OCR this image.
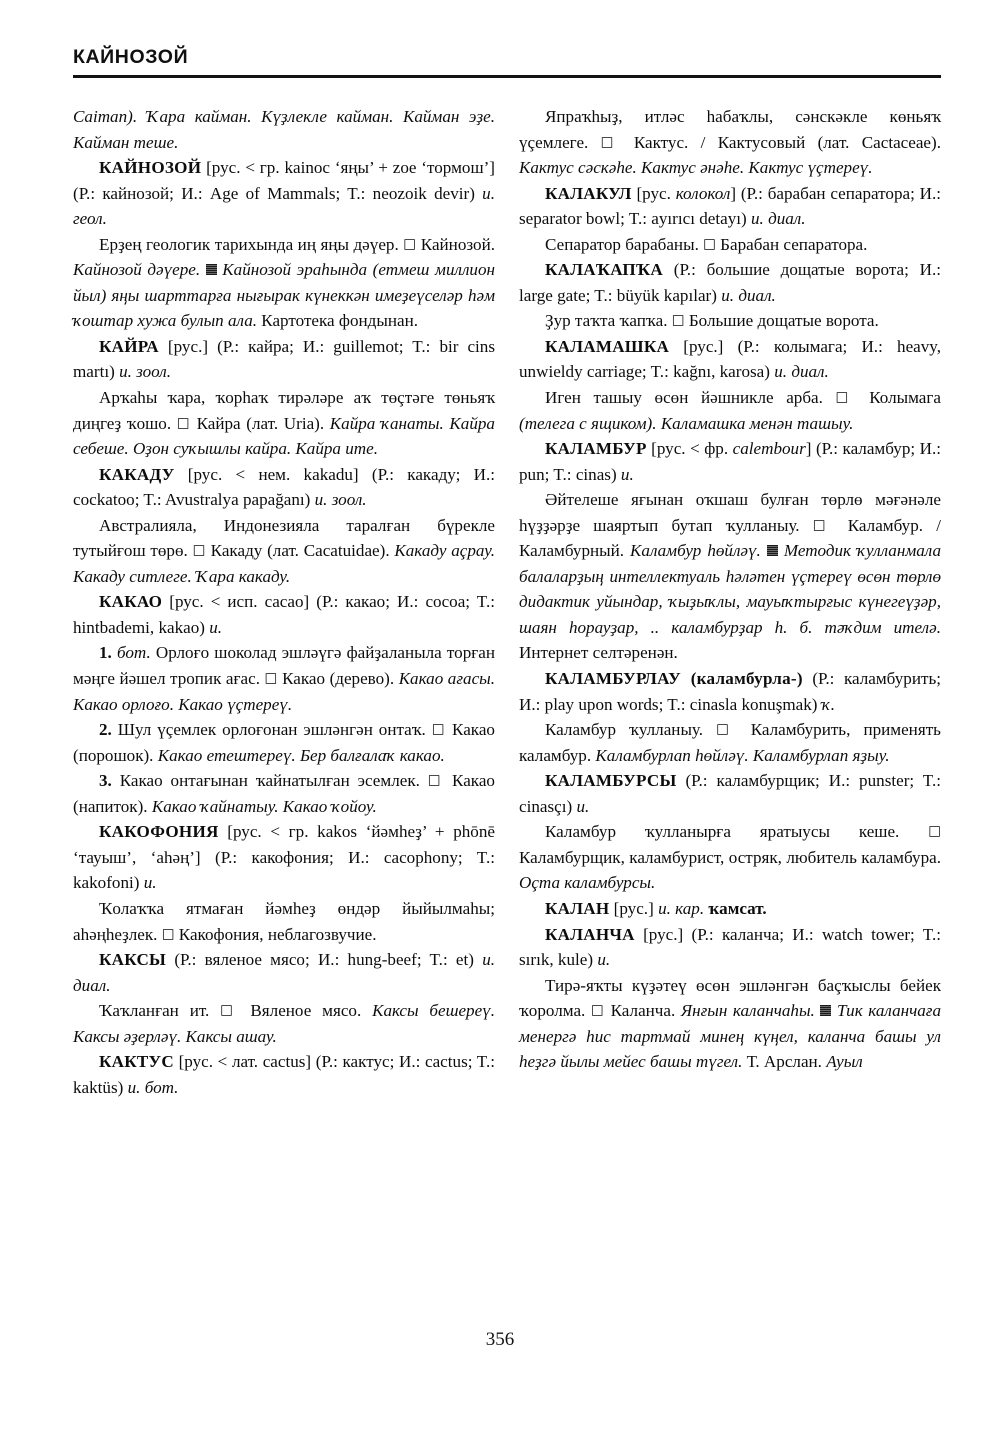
КАЙНОЗОЙ

Caiman). Ҡара кайман. Күҙлекле кайман. Кайман эҙе. Кайман теше.

КАЙНОЗОЙ [рус. < гр. kainoc ‘яңы’ + zoe ‘тормош’] (Р.: кайнозой; И.: Age of Mammals; T.: neozoik devir) и. геол.

Ерҙең геологик тарихында иң яңы дәүер. □ Кайнозой. Кайнозой дәүере. Кайнозой эраһында (етмеш миллион йыл) яңы шарттарға нығырак күнеккән имеҙеүселәр һәм ҡоштар хужа булып ала. Картотека фондынан.

КАЙРА [рус.] (Р.: кайра; И.: guillemot; T.: bir cins martı) и. зоол.

Арҡаһы ҡара, ҡорһаҡ тирәләре аҡ төçтәге төньяҡ диңгеҙ ҡошо. □ Кайра (лат. Uria). Кайра ҡанаты. Кайра себеше. Оҙон суҡышлы кайра. Кайра ите.

КАКАДУ [рус. < нем. kakadu] (Р.: какаду; И.: cockatoo; T.: Avustralya papağanı) и. зоол.

Австралияла, Индонезияла таралған бүрекле тутыйғош төрө. □ Какаду (лат. Cacatuidae). Какаду аçрау. Какаду ситлеге. Ҡара какаду.

КАКАО [рус. < исп. cacao] (Р.: какао; И.: cocoa; T.: hintbademi, kakao) и.

1. бот. Орлоғо шоколад эшләүгә файҙаланыла торған мәңге йәшел тропик ағас. □ Какао (дерево). Какао ағасы. Какао орлоғо. Какао үçтереү.

2. Шул үçемлек орлоғонан эшләнгән онтаҡ. □ Какао (порошок). Какао етештереү. Бер балғалаҡ какао.

3. Какао онтағынан ҡайнатылған эсемлек. □ Какао (напиток). Какао ҡайнатыу. Какао ҡойоу.

КАКОФОНИЯ [рус. < гр. kakos ‘йәмһеҙ’ + phōnē ‘тауыш’, ‘аһәң’] (Р.: какофония; И.: cacophony; T.: kakofoni) и.

Ҡолаҡҡа ятмаған йәмһеҙ өндәр йыйылмаһы; аһәңһеҙлек. □ Какофония, неблагозвучие.

КАКСЫ (Р.: вяленое мясо; И.: hung-beef; T.: et) и. диал.

Ҡаҡланған ит. □ Вяленое мясо. Каксы бешереү. Каксы әҙерләү. Каксы ашау.

КАКТУС [рус. < лат. cactus] (Р.: кактус; И.: cactus; T.: kaktüs) и. бот.

Япраҡһыҙ, итләс һабаҡлы, сәнскәкле көньяҡ үçемлеге. □ Кактус. / Кактусовый (лат. Cactaceae). Кактус сәскәһе. Кактус әнәһе. Кактус үçтереү.

КАЛАКУЛ [рус. колокол] (Р.: барабан сепаратора; И.: separator bowl; T.: ayırıcı detayı) и. диал.

Сепаратор барабаны. □ Барабан сепаратора.

КАЛАҠАПҠА (Р.: большие дощатые ворота; И.: large gate; T.: büyük kapılar) и. диал.

Ҙур таҡта ҡапҡа. □ Большие дощатые ворота.

КАЛАМАШКА [рус.] (Р.: колымага; И.: heavy, unwieldy carriage; T.: kağnı, karosa) и. диал.

Иген ташыу өсөн йәшникле арба. □ Колымага (телега с ящиком). Каламашка менән ташыу.

КАЛАМБУР [рус. < фр. calembour] (Р.: каламбур; И.: pun; T.: cinas) и.

Әйтелеше яғынан оҡшаш булған төрлө мәғәнәле һүҙҙәрҙе шаяртып бутап ҡулланыу. □ Каламбур. / Каламбурный. Каламбур һөйләү. Методик ҡулланмала балаларҙың интеллектуаль һәләтен үçтереү өсөн төрлө дидактик уйындар, ҡыҙыҡлы, мауыҡтырғыс күнегеүҙәр, шаян һорауҙар, .. каламбурҙар һ. б. тәҡдим ителә. Интернет селтәренән.

КАЛАМБУРЛАУ (каламбурла-) (Р.: каламбурить; И.: play upon words; T.: cinasla konuşmak) ҡ.

Каламбур ҡулланыу. □ Каламбурить, применять каламбур. Каламбурлап һөйләү. Каламбурлап яҙыу.

КАЛАМБУРСЫ (Р.: каламбурщик; И.: punster; T.: cinasçı) и.

Каламбур ҡулланырға яратыусы кеше. □ Каламбурщик, каламбурист, остряк, любитель каламбура. Оçта каламбурсы.

КАЛАН [рус.] и. кар. ҡамсат.

КАЛАНЧА [рус.] (Р.: каланча; И.: watch tower; T.: sırık, kule) и.

Тирә-яҡты күҙәтеү өсөн эшләнгән баçҡыслы бейек ҡоролма. □ Каланча. Янғын каланчаһы. Тик каланчаға менергә һис тартмай минең күңел, каланча башы ул һеҙгә йылы мейес башы түгел. Т. Арслан. Ауыл

356
